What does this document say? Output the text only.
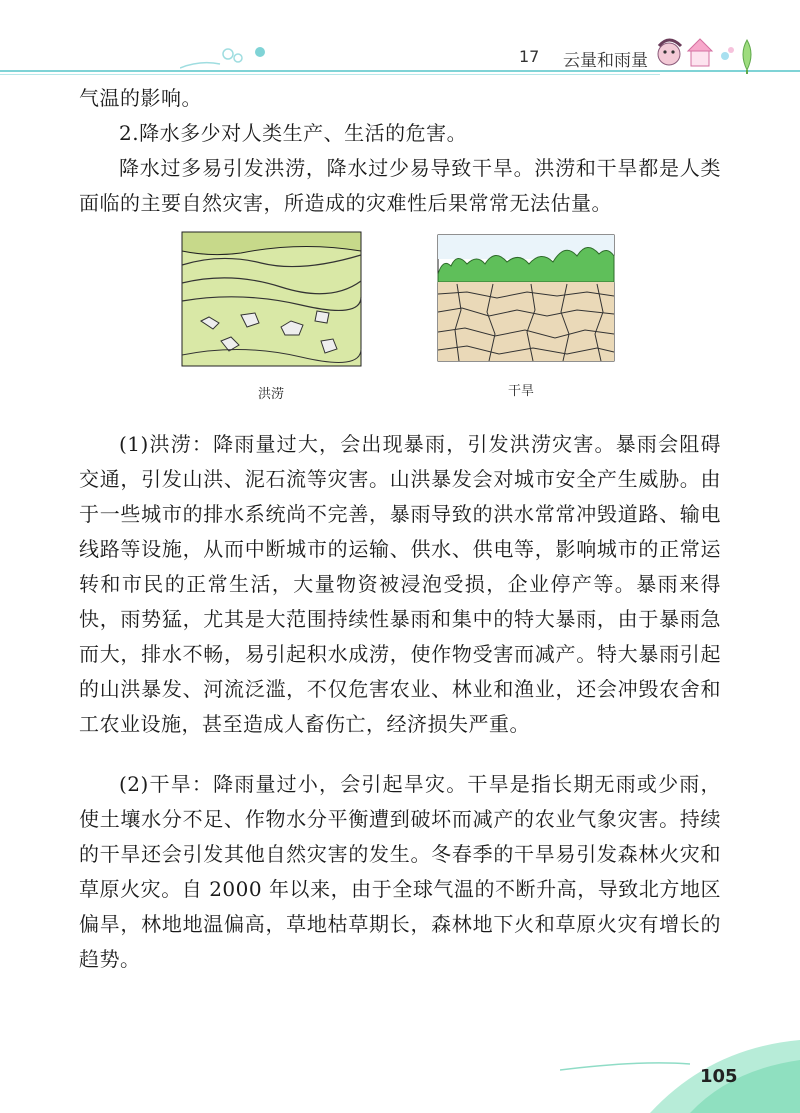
17 云量和雨量

气温的影响。

2.降水多少对人类生产、生活的危害。

降水过多易引发洪涝，降水过少易导致干旱。洪涝和干旱都是人类面临的主要自然灾害，所造成的灾难性后果常常无法估量。

洪涝	干旱

(1)洪涝：降雨量过大，会出现暴雨，引发洪涝灾害。暴雨会阻碍交通，引发山洪、泥石流等灾害。山洪暴发会对城市安全产生威胁。由于一些城市的排水系统尚不完善，暴雨导致的洪水常常冲毁道路、输电线路等设施，从而中断城市的运输、供水、供电等，影响城市的正常运转和市民的正常生活，大量物资被浸泡受损，企业停产等。暴雨来得快，雨势猛，尤其是大范围持续性暴雨和集中的特大暴雨，由于暴雨急而大，排水不畅，易引起积水成涝，使作物受害而减产。特大暴雨引起的山洪暴发、河流泛滥，不仅危害农业、林业和渔业，还会冲毁农舍和工农业设施，甚至造成人畜伤亡，经济损失严重。

(2)干旱：降雨量过小，会引起旱灾。干旱是指长期无雨或少雨，使土壤水分不足、作物水分平衡遭到破坏而减产的农业气象灾害。持续的干旱还会引发其他自然灾害的发生。冬春季的干旱易引发森林火灾和草原火灾。自 2000 年以来，由于全球气温的不断升高，导致北方地区偏旱，林地地温偏高，草地枯草期长，森林地下火和草原火灾有增长的趋势。

105
